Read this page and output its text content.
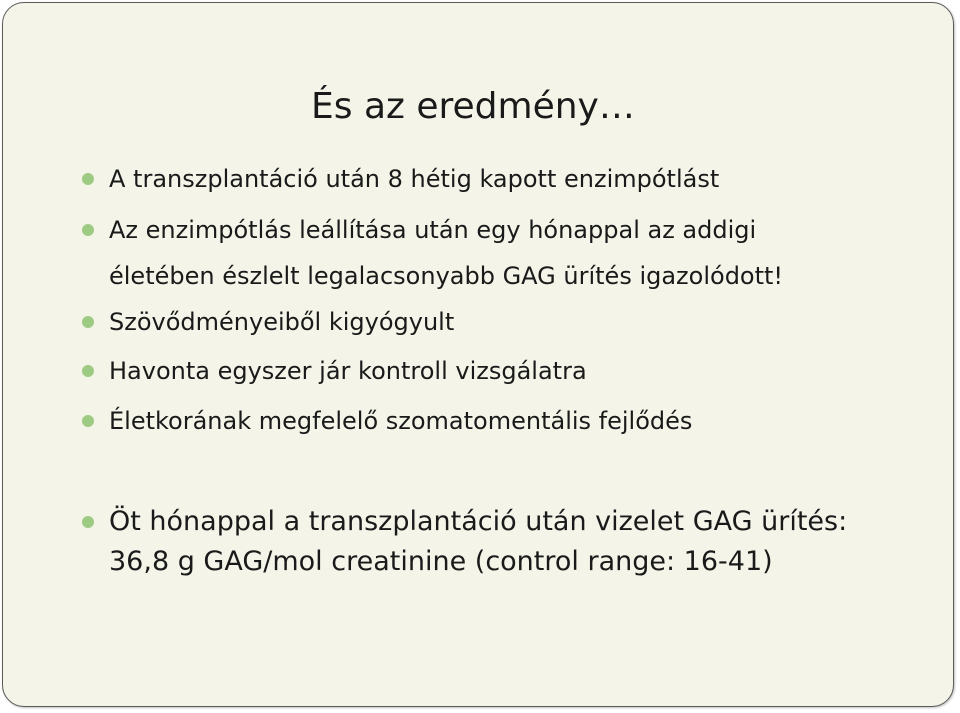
És az eredmény…
A transzplantáció után 8 hétig kapott enzimpótlást
Az enzimpótlás leállítása után egy hónappal az addigi
életében észlelt legalacsonyabb GAG ürítés igazolódott!
Szövődményeiből kigyógyult
Havonta egyszer jár kontroll vizsgálatra
Életkorának megfelelő szomatomentális fejlődés
Öt hónappal a transzplantáció után vizelet GAG ürítés:
36,8 g GAG/mol creatinine (control range: 16-41)
